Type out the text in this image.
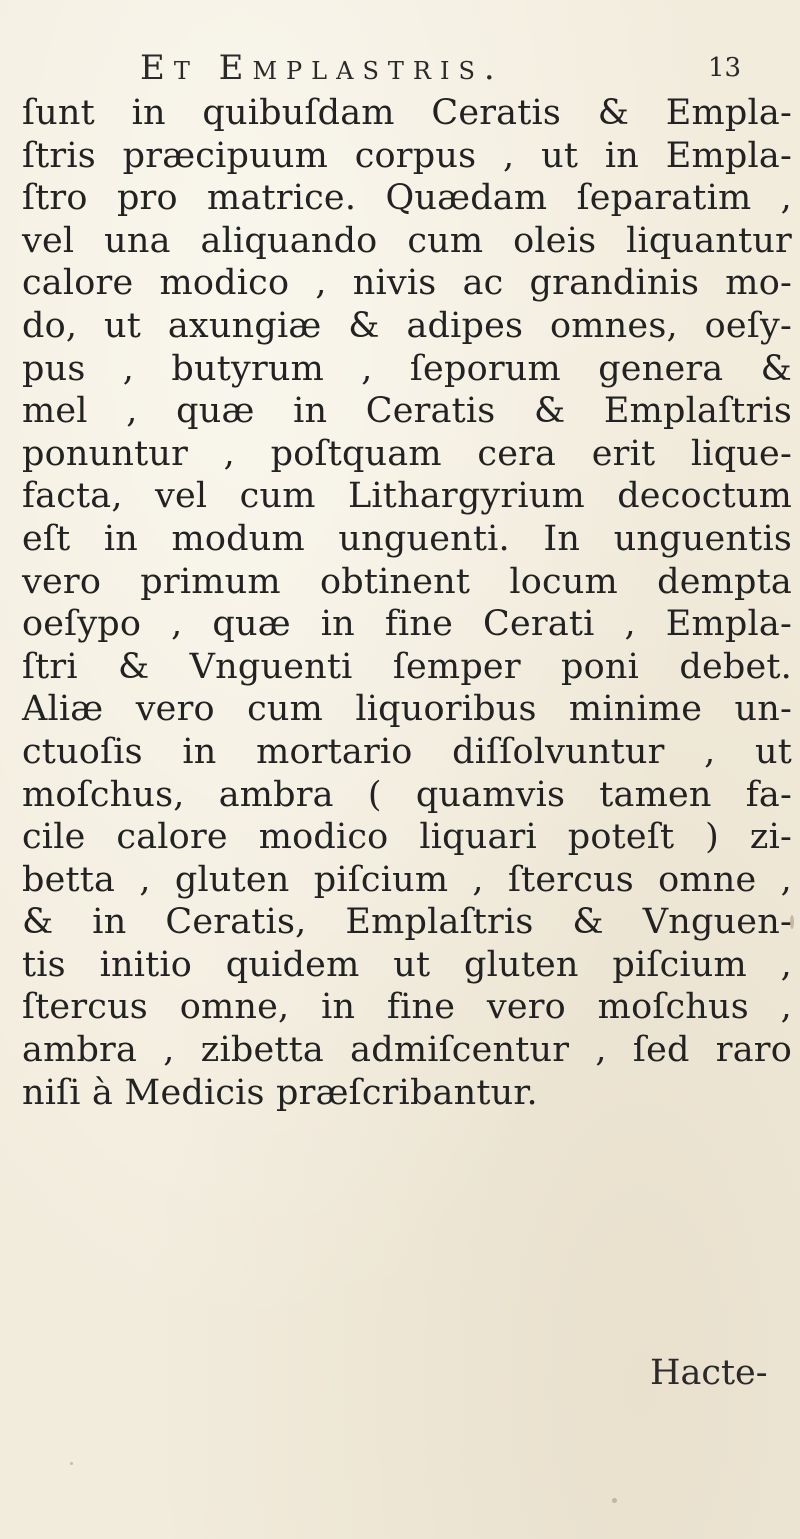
Et Emplastris.	13
ſunt in quibuſdam Ceratis & Empla-
ſtris præcipuum corpus , ut in Empla-
ſtro pro matrice. Quædam ſeparatim ,
vel una aliquando cum oleis liquantur
calore modico , nivis ac grandinis mo-
do, ut axungiæ & adipes omnes, oeſy-
pus , butyrum , ſeporum genera &
mel , quæ in Ceratis & Emplaſtris
ponuntur , poſtquam cera erit lique-
facta, vel cum Lithargyrium decoctum
eſt in modum unguenti. In unguentis
vero primum obtinent locum dempta
oeſypo , quæ in fine Cerati , Empla-
ſtri & Vnguenti ſemper poni debet.
Aliæ vero cum liquoribus minime un-
ctuoſis in mortario diſſolvuntur , ut
moſchus, ambra ( quamvis tamen fa-
cile calore modico liquari poteſt ) zi-
betta , gluten piſcium , ſtercus omne ,
& in Ceratis, Emplaſtris & Vnguen-
tis initio quidem ut gluten piſcium ,
ſtercus omne, in fine vero moſchus ,
ambra , zibetta admiſcentur , ſed raro
niſi à Medicis præſcribantur.
Hacte-
